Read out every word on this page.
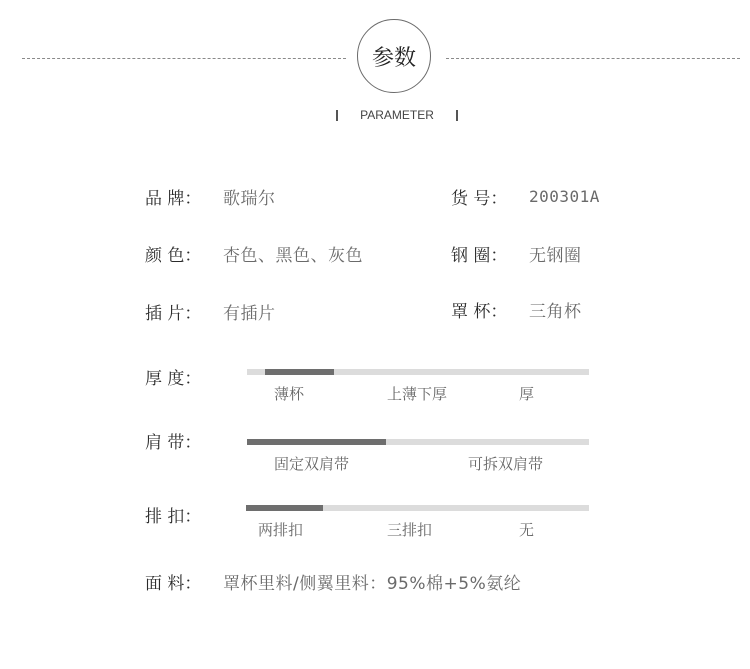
参数
PARAMETER
品 牌：	歌瑞尔	货 号：	200301A
颜 色：	杏色、黑色、灰色	钢 圈：	无钢圈
插 片：	有插片	罩 杯：	三角杯
厚 度：
薄杯	上薄下厚	厚
肩 带：
固定双肩带	可拆双肩带
排 扣：
两排扣	三排扣	无
面 料：	罩杯里料/侧翼里料：95%棉+5%氨纶
